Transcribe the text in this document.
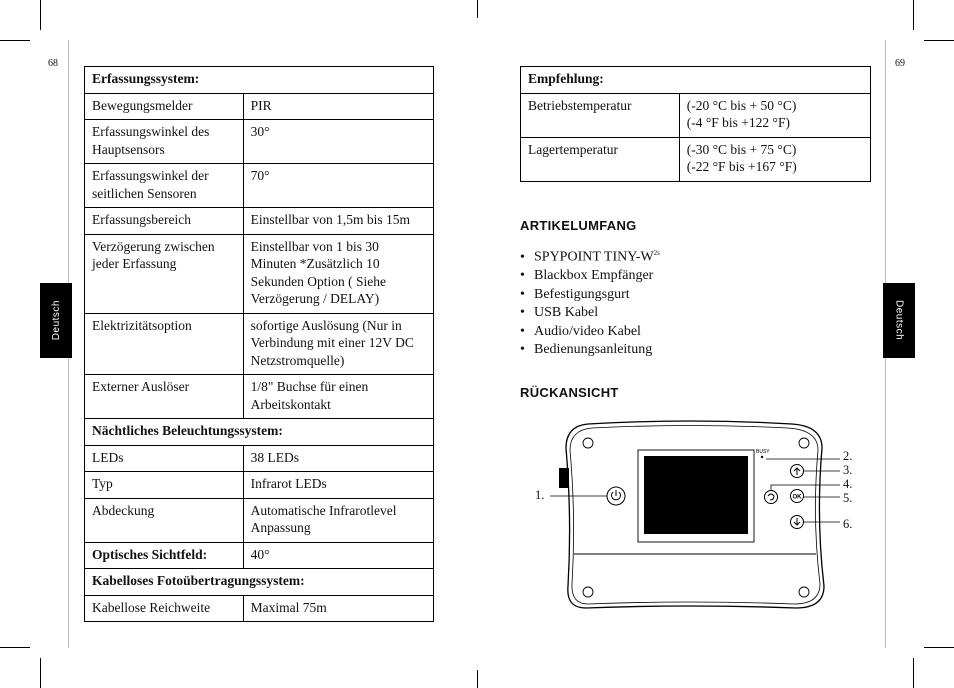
68	69
Deutsch	Deutsch
Erfassungssystem:	
Bewegungsmelder	PIR
Erfassungswinkel des Hauptsensors	30°
Erfassungswinkel der seitlichen Sensoren	70°
Erfassungsbereich	Einstellbar von 1,5m bis 15m
Verzögerung zwischen jeder Erfassung	Einstellbar von 1 bis 30 Minuten *Zusätzlich 10 Sekunden Option ( Siehe Verzögerung / DELAY)
Elektrizitätsoption	sofortige Auslösung (Nur in Verbindung mit einer 12V DC Netzstromquelle)
Externer Auslöser	1/8" Buchse für einen Arbeitskontakt
Nächtliches Beleuchtungssystem:	
LEDs	38 LEDs
Typ	Infrarot LEDs
Abdeckung	Automatische Infrarotlevel Anpassung
Optisches Sichtfeld:	40°
Kabelloses Fotoübertragungssystem:	
Kabellose Reichweite	Maximal 75m
Empfehlung:	
Betriebstemperatur	(-20 °C bis + 50 °C)
(-4 °F bis +122 °F)

Lagertemperatur	(-30 °C bis + 75 °C)
(-22 °F bis +167 °F)
ARTIKELUMFANG
• SPYPOINT TINY-$W^{2s}$
• Blackbox Empfänger
• Befestigungsgurt
• USB Kabel
• Audio/video Kabel
• Bedienungsanleitung
RÜCKANSICHT
BUSY
OK
1.
2.
3.
4.
5.
6.
